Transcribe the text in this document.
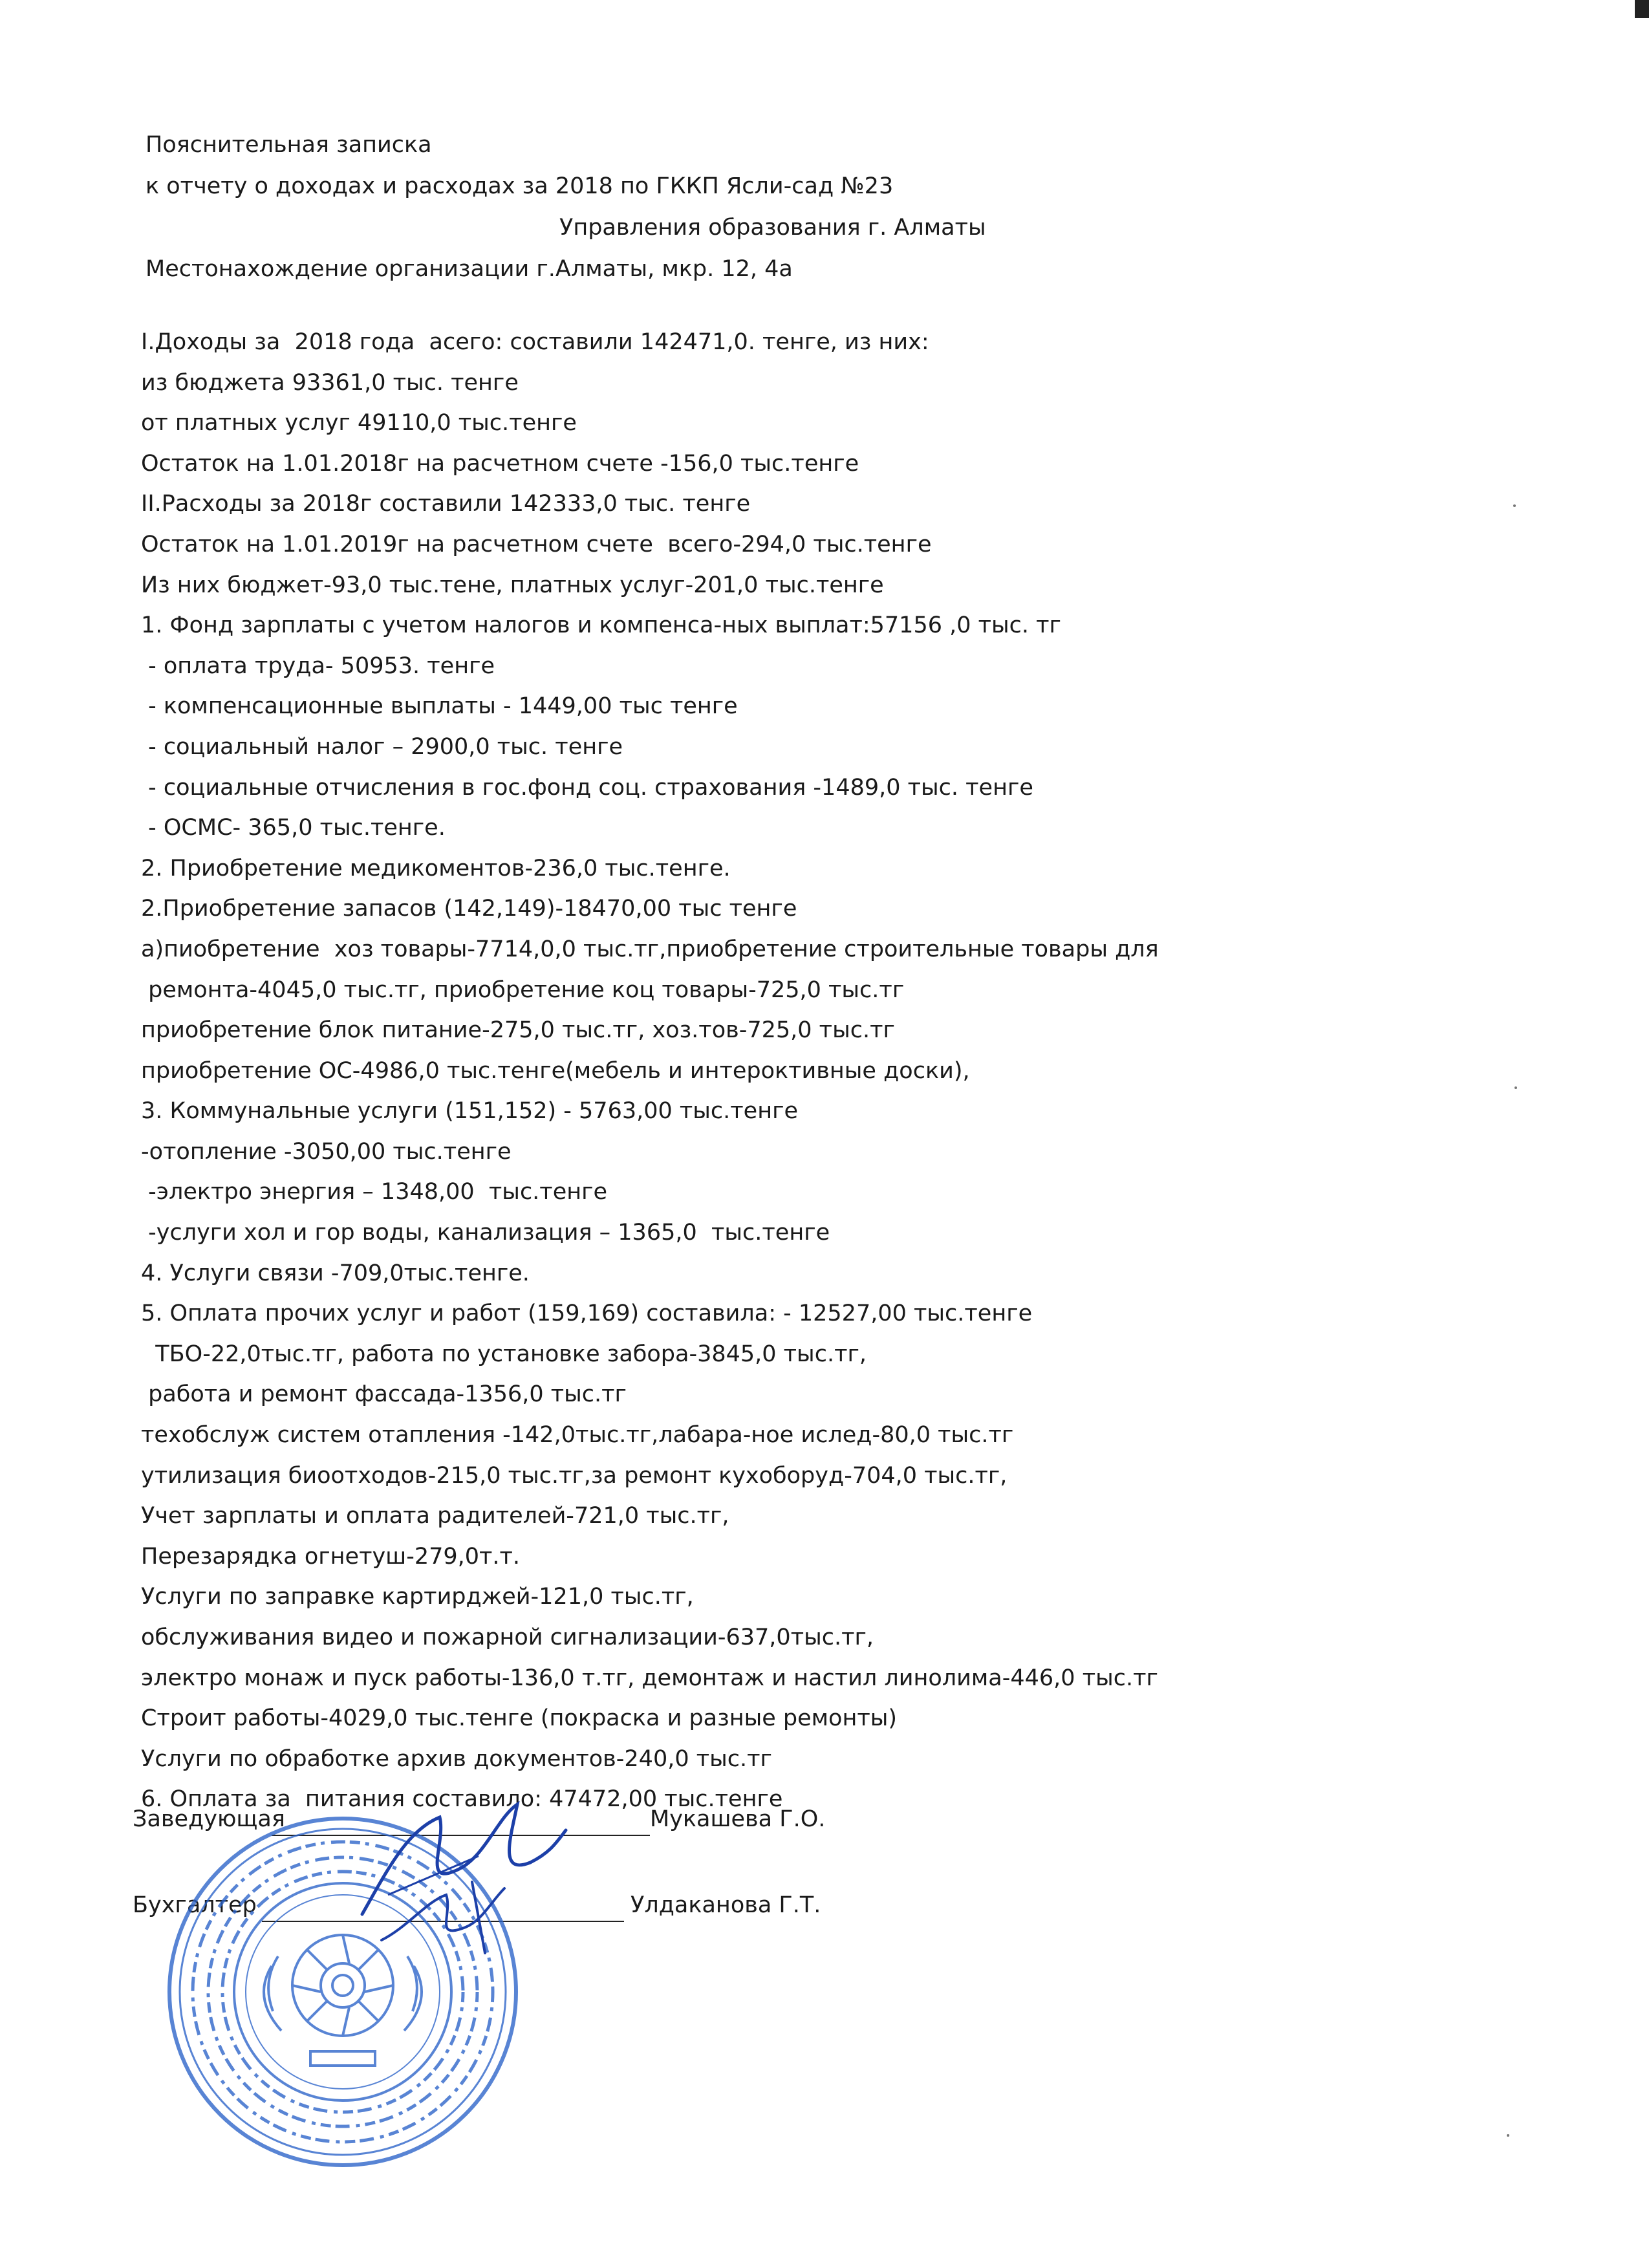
Пояснительная записка
к отчету о доходах и расходах за 2018 по ГККП Ясли-сад №23
Управления образования г. Алматы
Местонахождение организации г.Алматы, мкр. 12, 4а
I.Доходы за  2018 года  асего: составили 142471,0. тенге, из них:
из бюджета 93361,0 тыс. тенге
от платных услуг 49110,0 тыс.тенге
Остаток на 1.01.2018г на расчетном счете -156,0 тыс.тенге
II.Расходы за 2018г составили 142333,0 тыс. тенге
Остаток на 1.01.2019г на расчетном счете  всего-294,0 тыс.тенге
Из них бюджет-93,0 тыс.тене, платных услуг-201,0 тыс.тенге
1. Фонд зарплаты с учетом налогов и компенса-ных выплат:57156 ,0 тыс. тг
- оплата труда- 50953. тенге
- компенсационные выплаты - 1449,00 тыс тенге
- социальный налог – 2900,0 тыс. тенге
- социальные отчисления в гос.фонд соц. страхования -1489,0 тыс. тенге
- ОСМС- 365,0 тыс.тенге.
2. Приобретение медикоментов-236,0 тыс.тенге.
2.Приобретение запасов (142,149)-18470,00 тыс тенге
а)пиобретение  хоз товары-7714,0,0 тыс.тг,приобретение строительные товары для
ремонта-4045,0 тыс.тг, приобретение коц товары-725,0 тыс.тг
приобретение блок питание-275,0 тыс.тг, хоз.тов-725,0 тыс.тг
приобретение ОС-4986,0 тыс.тенге(мебель и интероктивные доски),
3. Коммунальные услуги (151,152) - 5763,00 тыс.тенге
-отопление -3050,00 тыс.тенге
-электро энергия – 1348,00  тыс.тенге
-услуги хол и гор воды, канализация – 1365,0  тыс.тенге
4. Услуги связи -709,0тыс.тенге.
5. Оплата прочих услуг и работ (159,169) составила: - 12527,00 тыс.тенге
ТБО-22,0тыс.тг, работа по установке забора-3845,0 тыс.тг,
работа и ремонт фассада-1356,0 тыс.тг
техобслуж систем отапления -142,0тыс.тг,лабара-ное ислед-80,0 тыс.тг
утилизация биоотходов-215,0 тыс.тг,за ремонт кухоборуд-704,0 тыс.тг,
Учет зарплаты и оплата радителей-721,0 тыс.тг,
Перезарядка огнетуш-279,0т.т.
Услуги по заправке картирджей-121,0 тыс.тг,
обслуживания видео и пожарной сигнализации-637,0тыс.тг,
электро монаж и пуск работы-136,0 т.тг, демонтаж и настил линолима-446,0 тыс.тг
Строит работы-4029,0 тыс.тенге (покраска и разные ремонты)
Услуги по обработке архив документов-240,0 тыс.тг
6. Оплата за  питания составило: 47472,00 тыс.тенге
Заведующая	Мукашева Г.О.
Бухгалтер	Улдаканова Г.Т.
